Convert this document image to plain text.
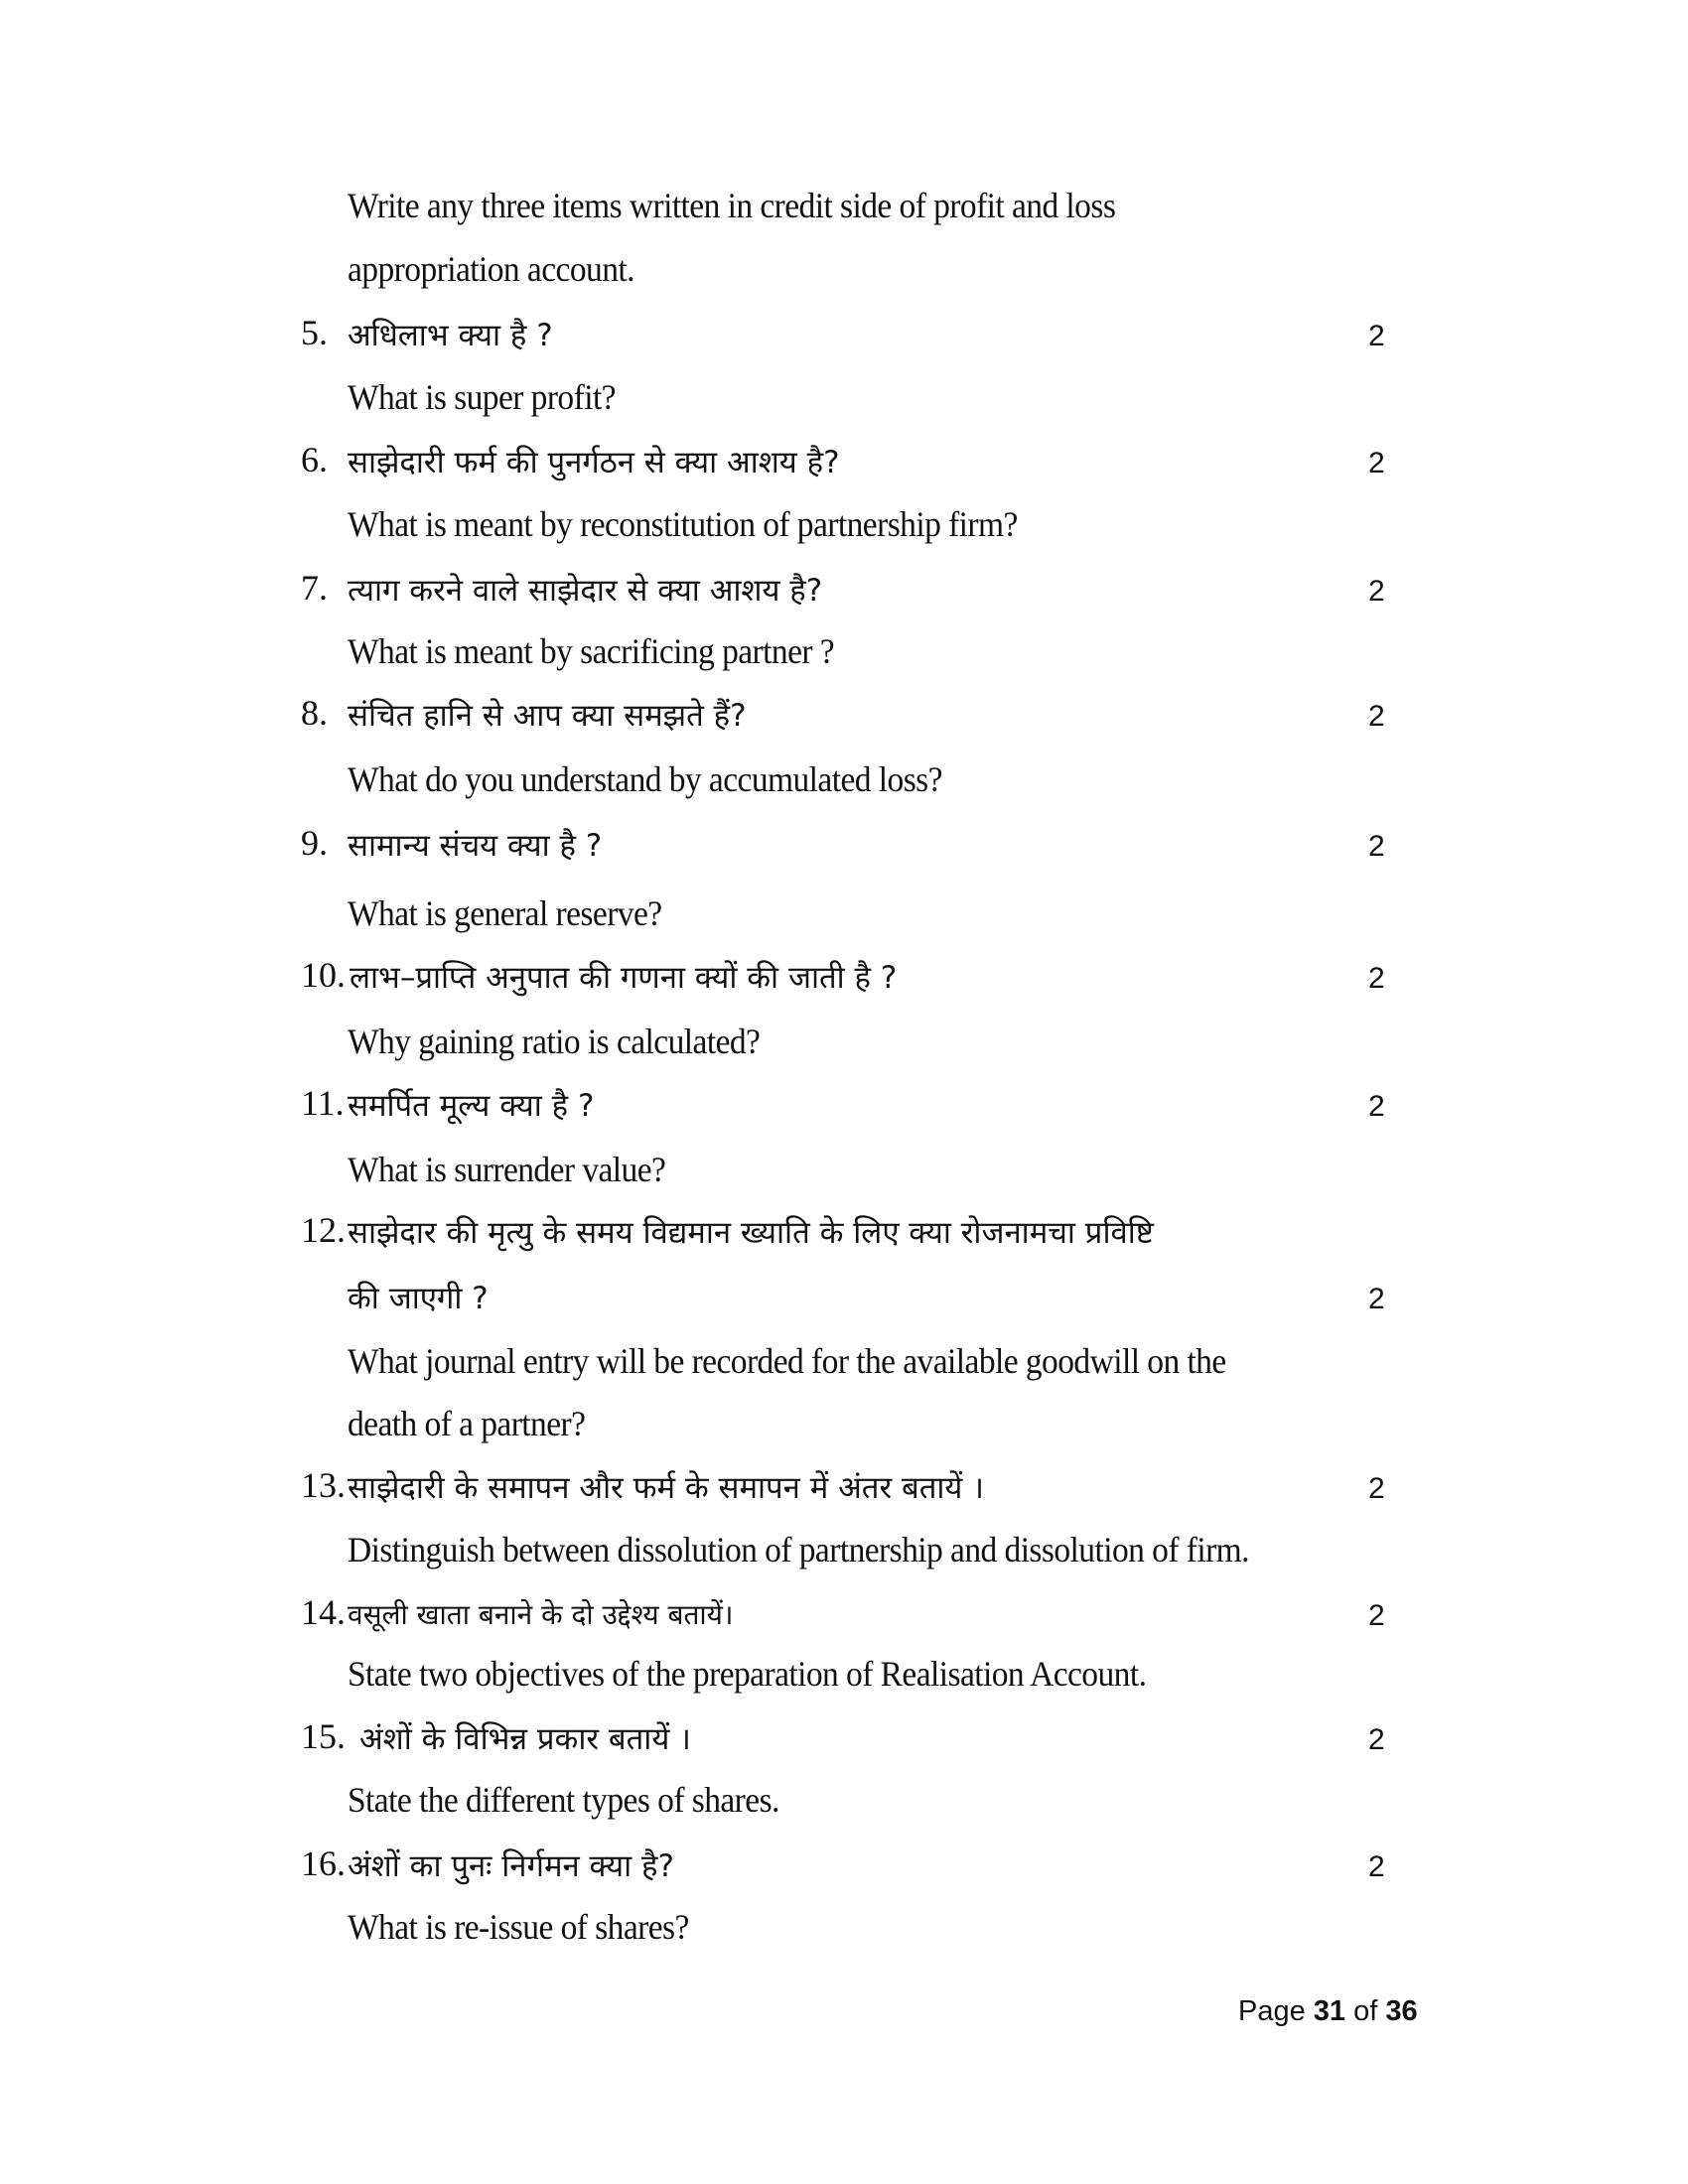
Write any three items written in credit side of profit and loss
appropriation account.
5. अधिलाभ क्या है ?	2
What is super profit?
6. साझेदारी फर्म की पुनर्गठन से क्या आशय है?	2
What is meant by reconstitution of partnership firm?
7. त्याग करने वाले साझेदार से क्या आशय है?	2
What is meant by sacrificing partner ?
8. संचित हानि से आप क्या समझते हैं?	2
What do you understand by accumulated loss?
9. सामान्य संचय क्या है ?	2
What is general reserve?
10. लाभ–प्राप्ति अनुपात की गणना क्यों की जाती है ?	2
Why gaining ratio is calculated?
11. समर्पित मूल्य क्या है ?	2
What is surrender value?
12. साझेदार की मृत्यु के समय विद्यमान ख्याति के लिए क्या रोजनामचा प्रविष्टि
की जाएगी ?	2
What journal entry will be recorded for the available goodwill on the
death of a partner?
13. साझेदारी के समापन और फर्म के समापन में अंतर बतायें ।	2
Distinguish between dissolution of partnership and dissolution of firm.
14. वसूली खाता बनाने के दो उद्देश्य बतायें।	2
State two objectives of the preparation of Realisation Account.
15. अंशों के विभिन्न प्रकार बतायें ।	2
State the different types of shares.
16. अंशों का पुनः निर्गमन क्या है?	2
What is re-issue of shares?
Page 31 of 36
